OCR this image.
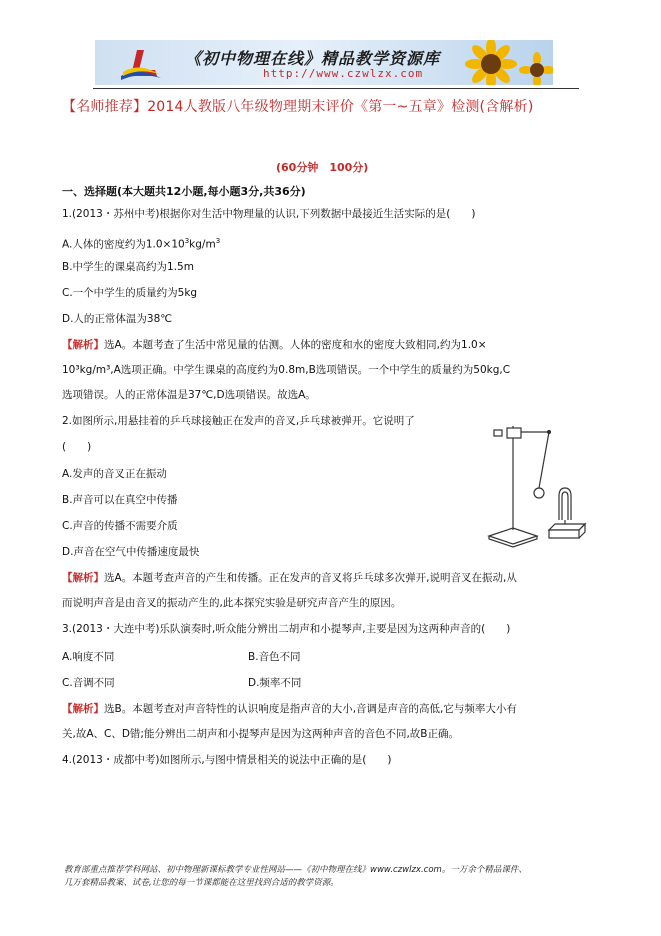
《初中物理在线》精品教学资源库
http://www.czwlzx.com
【名师推荐】2014人教版八年级物理期末评价《第一~五章》检测(含解析)
(60分钟　100分)
一、选择题(本大题共12小题,每小题3分,共36分)
1.(2013・苏州中考)根据你对生活中物理量的认识,下列数据中最接近生活实际的是(　　)
A.人体的密度约为$1.0\times 10^3kg/m^3$
B.中学生的课桌高约为1.5m
C.一个中学生的质量约为5kg
D.人的正常体温为38℃
【解析】选A。本题考查了生活中常见量的估测。人体的密度和水的密度大致相同,约为1.0×
10³kg/m³,A选项正确。中学生课桌的高度约为0.8m,B选项错误。一个中学生的质量约为50kg,C
选项错误。人的正常体温是37℃,D选项错误。故选A。
2.如图所示,用悬挂着的乒乓球接触正在发声的音叉,乒乓球被弹开。它说明了
(　　)
A.发声的音叉正在振动
B.声音可以在真空中传播
C.声音的传播不需要介质
D.声音在空气中传播速度最快
【解析】选A。本题考查声音的产生和传播。正在发声的音叉将乒乓球多次弹开,说明音叉在振动,从
而说明声音是由音叉的振动产生的,此本探究实验是研究声音产生的原因。
3.(2013・大连中考)乐队演奏时,听众能分辨出二胡声和小提琴声,主要是因为这两种声音的(　　)
A.响度不同	B.音色不同
C.音调不同	D.频率不同
【解析】选B。本题考查对声音特性的认识响度是指声音的大小,音调是声音的高低,它与频率大小有
关,故A、C、D错;能分辨出二胡声和小提琴声是因为这两种声音的音色不同,故B正确。
4.(2013・成都中考)如图所示,与图中情景相关的说法中正确的是(　　)
教育部重点推荐学科网站、初中物理新课标教学专业性网站——《初中物理在线》www.czwlzx.com。一万余个精品课件、
几万套精品教案、试卷,让您的每一节课都能在这里找到合适的教学资源。
